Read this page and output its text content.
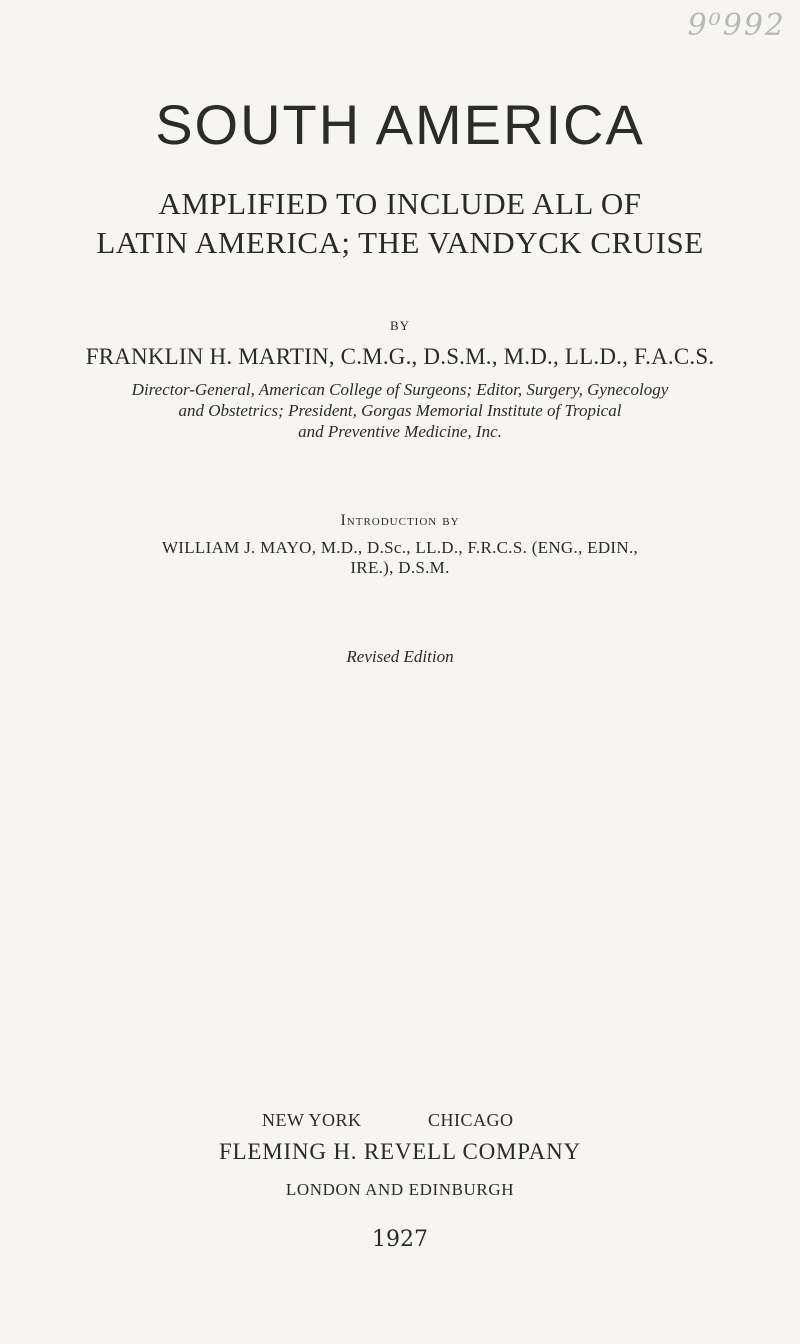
9⁰992
SOUTH AMERICA
AMPLIFIED TO INCLUDE ALL OF
LATIN AMERICA; THE VANDYCK CRUISE
BY
FRANKLIN H. MARTIN, C.M.G., D.S.M., M.D., LL.D., F.A.C.S.
Director-General, American College of Surgeons; Editor, Surgery, Gynecology
and Obstetrics; President, Gorgas Memorial Institute of Tropical
and Preventive Medicine, Inc.
Introduction by
WILLIAM J. MAYO, M.D., D.Sc., LL.D., F.R.C.S. (ENG., EDIN.,
IRE.), D.S.M.
Revised Edition
NEW YORK	CHICAGO
FLEMING H. REVELL COMPANY
LONDON AND EDINBURGH
1927
